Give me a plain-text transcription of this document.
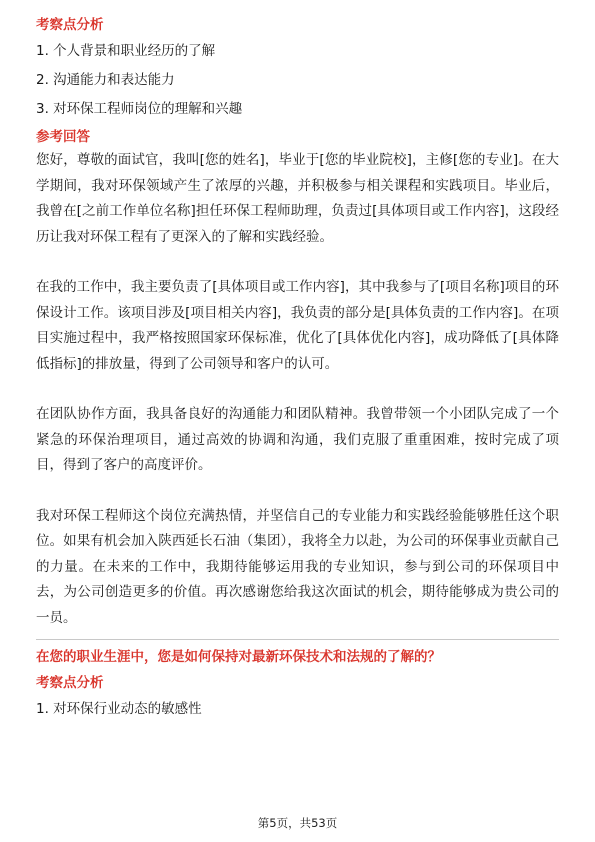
考察点分析

1. 个人背景和职业经历的了解

2. 沟通能力和表达能力

3. 对环保工程师岗位的理解和兴趣

参考回答

您好，尊敬的面试官，我叫[您的姓名]，毕业于[您的毕业院校]，主修[您的专业]。在大学期间，我对环保领域产生了浓厚的兴趣，并积极参与相关课程和实践项目。毕业后，我曾在[之前工作单位名称]担任环保工程师助理，负责过[具体项目或工作内容]，这段经历让我对环保工程有了更深入的了解和实践经验。

在我的工作中，我主要负责了[具体项目或工作内容]，其中我参与了[项目名称]项目的环保设计工作。该项目涉及[项目相关内容]，我负责的部分是[具体负责的工作内容]。在项目实施过程中，我严格按照国家环保标准，优化了[具体优化内容]，成功降低了[具体降低指标]的排放量，得到了公司领导和客户的认可。

在团队协作方面，我具备良好的沟通能力和团队精神。我曾带领一个小团队完成了一个紧急的环保治理项目，通过高效的协调和沟通，我们克服了重重困难，按时完成了项目，得到了客户的高度评价。

我对环保工程师这个岗位充满热情，并坚信自己的专业能力和实践经验能够胜任这个职位。如果有机会加入陕西延长石油（集团），我将全力以赴，为公司的环保事业贡献自己的力量。在未来的工作中，我期待能够运用我的专业知识，参与到公司的环保项目中去，为公司创造更多的价值。再次感谢您给我这次面试的机会，期待能够成为贵公司的一员。

在您的职业生涯中，您是如何保持对最新环保技术和法规的了解的？

考察点分析

1. 对环保行业动态的敏感性

第5页，共53页
